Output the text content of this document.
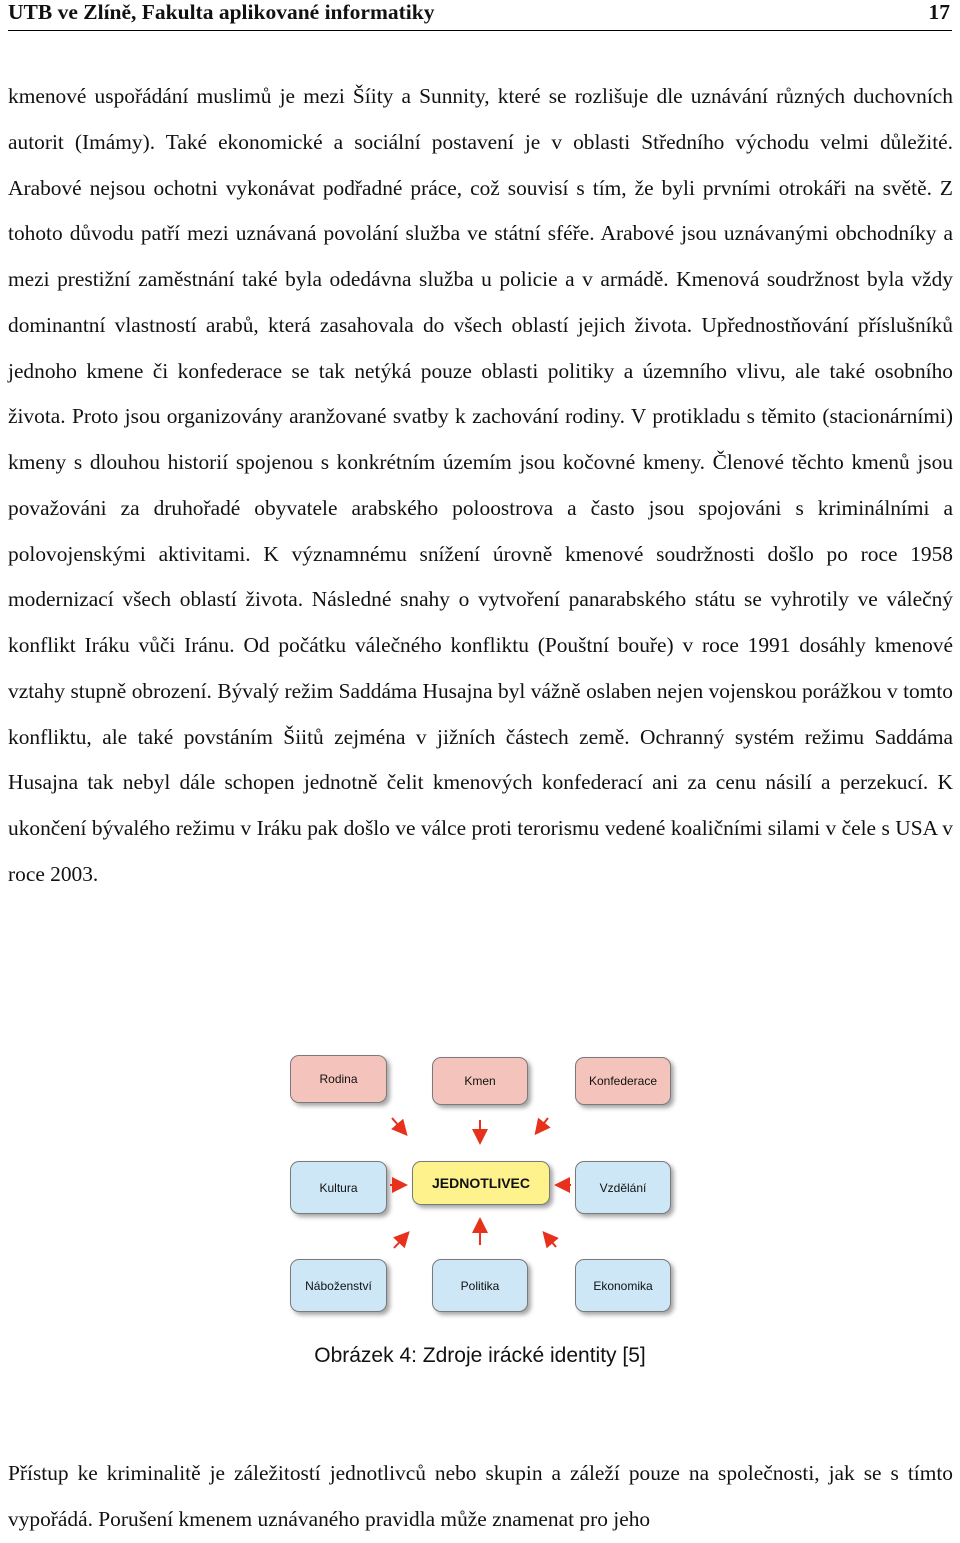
UTB ve Zlíně, Fakulta aplikované informatiky	17

kmenové uspořádání muslimů je mezi Šíity a Sunnity, které se rozlišuje dle uznávání různých duchovních autorit (Imámy). Také ekonomické a sociální postavení je v oblasti Středního východu velmi důležité. Arabové nejsou ochotni vykonávat podřadné práce, což souvisí s tím, že byli prvními otrokáři na světě. Z tohoto důvodu patří mezi uznávaná povolání služba ve státní sféře. Arabové jsou uznávanými obchodníky a mezi prestižní zaměstnání také byla odedávna služba u policie a v armádě. Kmenová soudržnost byla vždy dominantní vlastností arabů, která zasahovala do všech oblastí jejich života. Upřednostňování příslušníků jednoho kmene či konfederace se tak netýká pouze oblasti politiky a územního vlivu, ale také osobního života. Proto jsou organizovány aranžované svatby k zachování rodiny. V protikladu s těmito (stacionárními) kmeny s dlouhou historií spojenou s konkrétním územím jsou kočovné kmeny. Členové těchto kmenů jsou považováni za druhořadé obyvatele arabského poloostrova a často jsou spojováni s kriminálními a polovojenskými aktivitami. K významnému snížení úrovně kmenové soudržnosti došlo po roce 1958 modernizací všech oblastí života. Následné snahy o vytvoření panarabského státu se vyhrotily ve válečný konflikt Iráku vůči Iránu. Od počátku válečného konfliktu (Pouštní bouře) v roce 1991 dosáhly kmenové vztahy stupně obrození. Bývalý režim Saddáma Husajna byl vážně oslaben nejen vojenskou porážkou v tomto konfliktu, ale také povstáním Šiitů zejména v jižních částech země. Ochranný systém režimu Saddáma Husajna tak nebyl dále schopen jednotně čelit kmenových konfederací ani za cenu násilí a perzekucí. K ukončení bývalého režimu v Iráku pak došlo ve válce proti terorismu vedené koaličními silami v čele s USA v roce 2003.

Rodina	Kmen	Konfederace
Kultura	JEDNOTLIVEC	Vzdělání
Náboženství	Politika	Ekonomika
Obrázek 4: Zdroje irácké identity [5]

Přístup ke kriminalitě je záležitostí jednotlivců nebo skupin a záleží pouze na společnosti, jak se s tímto vypořádá. Porušení kmenem uznávaného pravidla může znamenat pro jeho
